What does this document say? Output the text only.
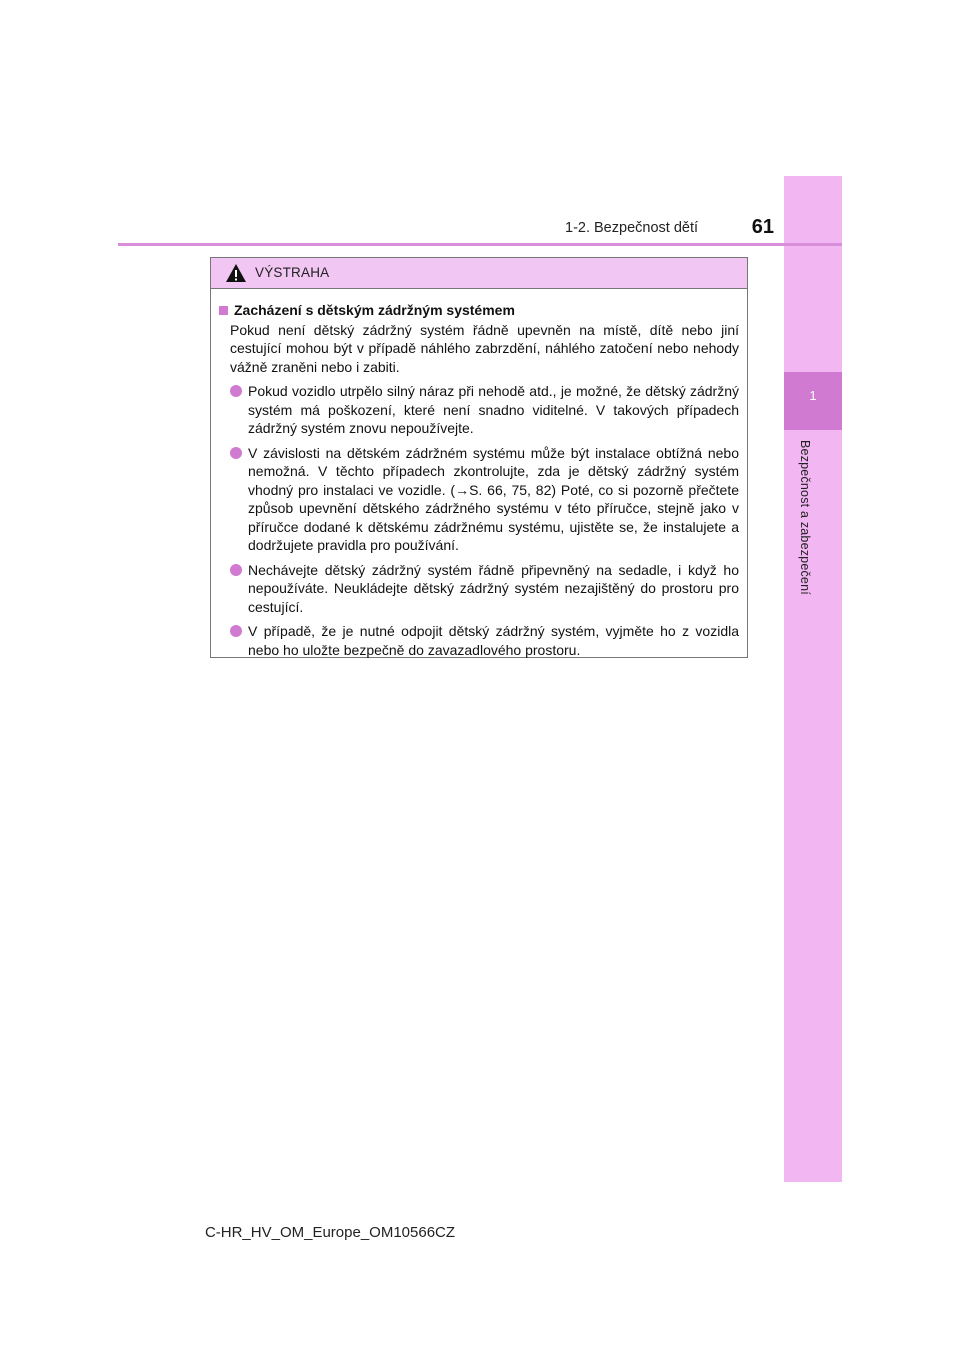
1
Bezpečnost a zabezpečení
1-2. Bezpečnost dětí	61
VÝSTRAHA
Zacházení s dětským zádržným systémem
Pokud není dětský zádržný systém řádně upevněn na místě, dítě nebo jiní cestující mohou být v případě náhlého zabrzdění, náhlého zatočení nebo nehody vážně zraněni nebo i zabiti.
Pokud vozidlo utrpělo silný náraz při nehodě atd., je možné, že dětský zádržný systém má poškození, které není snadno viditelné. V takových případech zádržný systém znovu nepoužívejte.
V závislosti na dětském zádržném systému může být instalace obtížná nebo nemožná. V těchto případech zkontrolujte, zda je dětský zádržný systém vhodný pro instalaci ve vozidle. (→S. 66, 75, 82) Poté, co si pozorně přečtete způsob upevnění dětského zádržného systému v této příručce, stejně jako v příručce dodané k dětskému zádržnému systému, ujistěte se, že instalujete a dodržujete pravidla pro používání.
Nechávejte dětský zádržný systém řádně připevněný na sedadle, i když ho nepoužíváte. Neukládejte dětský zádržný systém nezajištěný do prostoru pro cestující.
V případě, že je nutné odpojit dětský zádržný systém, vyjměte ho z vozidla nebo ho uložte bezpečně do zavazadlového prostoru.
C-HR_HV_OM_Europe_OM10566CZ
